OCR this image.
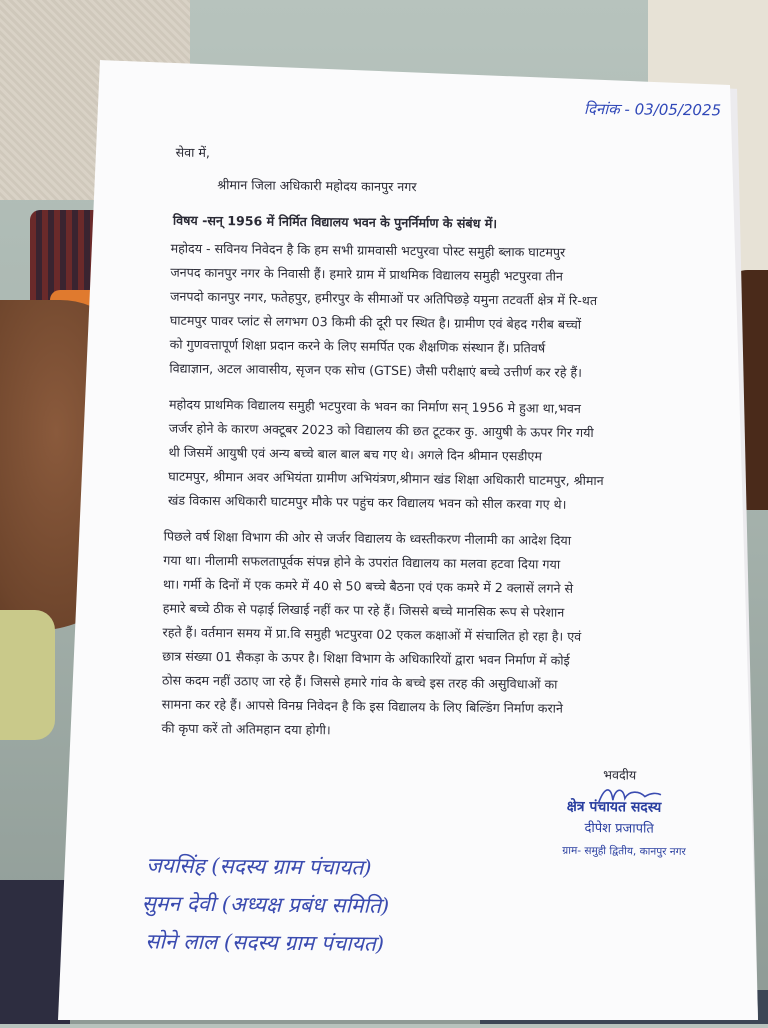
दिनांक - 03/05/2025
सेवा में,
श्रीमान जिला अधिकारी महोदय कानपुर नगर
विषय -सन् 1956 में निर्मित विद्यालय भवन के पुनर्निर्माण के संबंध में।
महोदय - सविनय निवेदन है कि हम सभी ग्रामवासी भटपुरवा पोस्ट समुही ब्लाक घाटमपुर
जनपद कानपुर नगर के निवासी हैं। हमारे ग्राम में प्राथमिक विद्यालय समुही भटपुरवा तीन
जनपदो कानपुर नगर, फतेहपुर, हमीरपुर के सीमाओं पर अतिपिछड़े यमुना तटवर्ती क्षेत्र में रि-थत
घाटमपुर पावर प्लांट से लगभग 03 किमी की दूरी पर स्थित है। ग्रामीण एवं बेहद गरीब बच्चों
को गुणवत्तापूर्ण शिक्षा प्रदान करने के लिए समर्पित एक शैक्षणिक संस्थान हैं। प्रतिवर्ष
विद्याज्ञान, अटल आवासीय, सृजन एक सोच (GTSE) जैसी परीक्षाएं बच्चे उत्तीर्ण कर रहे हैं।
महोदय प्राथमिक विद्यालय समुही भटपुरवा के भवन का निर्माण सन् 1956 मे हुआ था,भवन
जर्जर होने के कारण अक्टूबर 2023 को विद्यालय की छत टूटकर कु. आयुषी के ऊपर गिर गयी
थी जिसमें आयुषी एवं अन्य बच्चे बाल बाल बच गए थे। अगले दिन श्रीमान एसडीएम
घाटमपुर, श्रीमान अवर अभियंता ग्रामीण अभियंत्रण,श्रीमान खंड शिक्षा अधिकारी घाटमपुर, श्रीमान
खंड विकास अधिकारी घाटमपुर मौके पर पहुंच कर विद्यालय भवन को सील करवा गए थे।
पिछले वर्ष शिक्षा विभाग की ओर से जर्जर विद्यालय के ध्वस्तीकरण नीलामी का आदेश दिया
गया था। नीलामी सफलतापूर्वक संपन्न होने के उपरांत विद्यालय का मलवा हटवा दिया गया
था। गर्मी के दिनों में एक कमरे में 40 से 50 बच्चे बैठना एवं एक कमरे में 2 क्लासें लगने से
हमारे बच्चे ठीक से पढ़ाई लिखाई नहीं कर पा रहे हैं। जिससे बच्चे मानसिक रूप से परेशान
रहते हैं। वर्तमान समय में प्रा.वि समुही भटपुरवा 02 एकल कक्षाओं में संचालित हो रहा है। एवं
छात्र संख्या 01 सैकड़ा के ऊपर है। शिक्षा विभाग के अधिकारियों द्वारा भवन निर्माण में कोई
ठोस कदम नहीं उठाए जा रहे हैं। जिससे हमारे गांव के बच्चे इस तरह की असुविधाओं का
सामना कर रहे हैं। आपसे विनम्र निवेदन है कि इस विद्यालय के लिए बिल्डिंग निर्माण कराने
की कृपा करें तो अतिमहान दया होगी।
भवदीय
क्षेत्र पंचायत सदस्य
दीपेश प्रजापति
ग्राम- समुही द्वितीय, कानपुर नगर
जयसिंह (सदस्य ग्राम पंचायत)
सुमन देवी (अध्यक्ष प्रबंध समिति)
सोने लाल (सदस्य ग्राम पंचायत)
